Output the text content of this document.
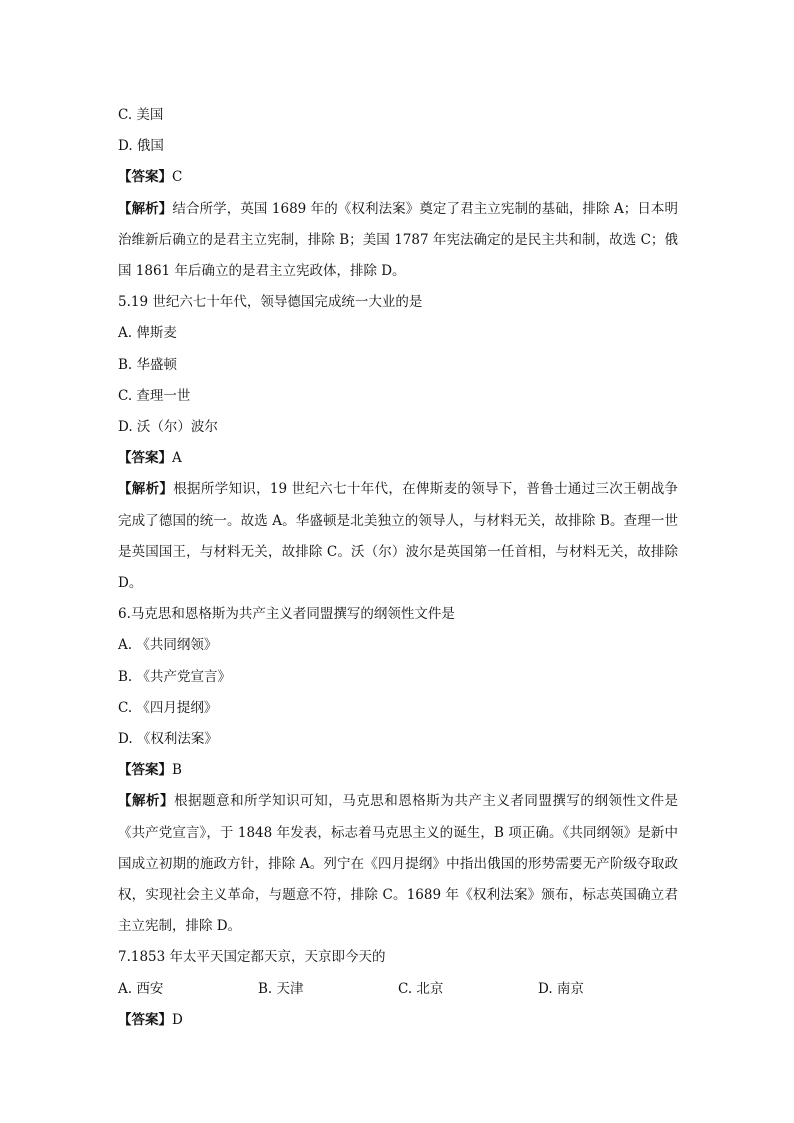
C. 美国
D. 俄国
【答案】C
【解析】结合所学，英国 1689 年的《权利法案》奠定了君主立宪制的基础，排除 A；日本明治维新后确立的是君主立宪制，排除 B；美国 1787 年宪法确定的是民主共和制，故选 C；俄国 1861 年后确立的是君主立宪政体，排除 D。
5.19 世纪六七十年代，领导德国完成统一大业的是
A. 俾斯麦
B. 华盛顿
C. 查理一世
D. 沃（尔）波尔
【答案】A
【解析】根据所学知识，19 世纪六七十年代，在俾斯麦的领导下，普鲁士通过三次王朝战争完成了德国的统一。故选 A。华盛顿是北美独立的领导人，与材料无关，故排除 B。查理一世是英国国王，与材料无关，故排除 C。沃（尔）波尔是英国第一任首相，与材料无关，故排除 D。
6.马克思和恩格斯为共产主义者同盟撰写的纲领性文件是
A. 《共同纲领》
B. 《共产党宣言》
C. 《四月提纲》
D. 《权利法案》
【答案】B
【解析】根据题意和所学知识可知，马克思和恩格斯为共产主义者同盟撰写的纲领性文件是《共产党宣言》，于 1848 年发表，标志着马克思主义的诞生，B 项正确。《共同纲领》是新中国成立初期的施政方针，排除 A。列宁在《四月提纲》中指出俄国的形势需要无产阶级夺取政权，实现社会主义革命，与题意不符，排除 C。1689 年《权利法案》颁布，标志英国确立君主立宪制，排除 D。
7.1853 年太平天国定都天京，天京即今天的
A. 西安	B. 天津	C. 北京	D. 南京
【答案】D
